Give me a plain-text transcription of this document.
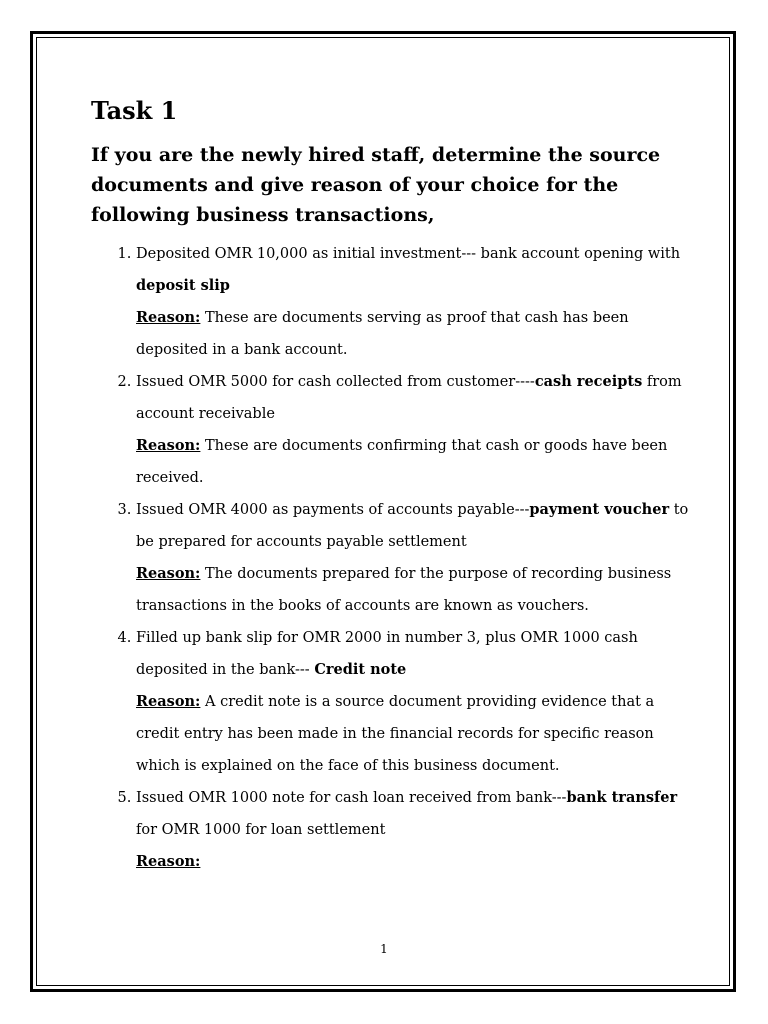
Task 1
If you are the newly hired staff, determine the source documents and give reason of your choice for the following business transactions,
1. Deposited OMR 10,000 as initial investment--- bank account opening with deposit slip
Reason: These are documents serving as proof that cash has been deposited in a bank account.
2. Issued OMR 5000 for cash collected from customer----cash receipts from account receivable
Reason: These are documents confirming that cash or goods have been received.
3. Issued OMR 4000 as payments of accounts payable---payment voucher to be prepared for accounts payable settlement
Reason: The documents prepared for the purpose of recording business transactions in the books of accounts are known as vouchers.
4. Filled up bank slip for OMR 2000 in number 3, plus OMR 1000 cash deposited in the bank--- Credit note
Reason: A credit note is a source document providing evidence that a credit entry has been made in the financial records for specific reason which is explained on the face of this business document.
5. Issued OMR 1000 note for cash loan received from bank---bank transfer for OMR 1000 for loan settlement
Reason:
1
